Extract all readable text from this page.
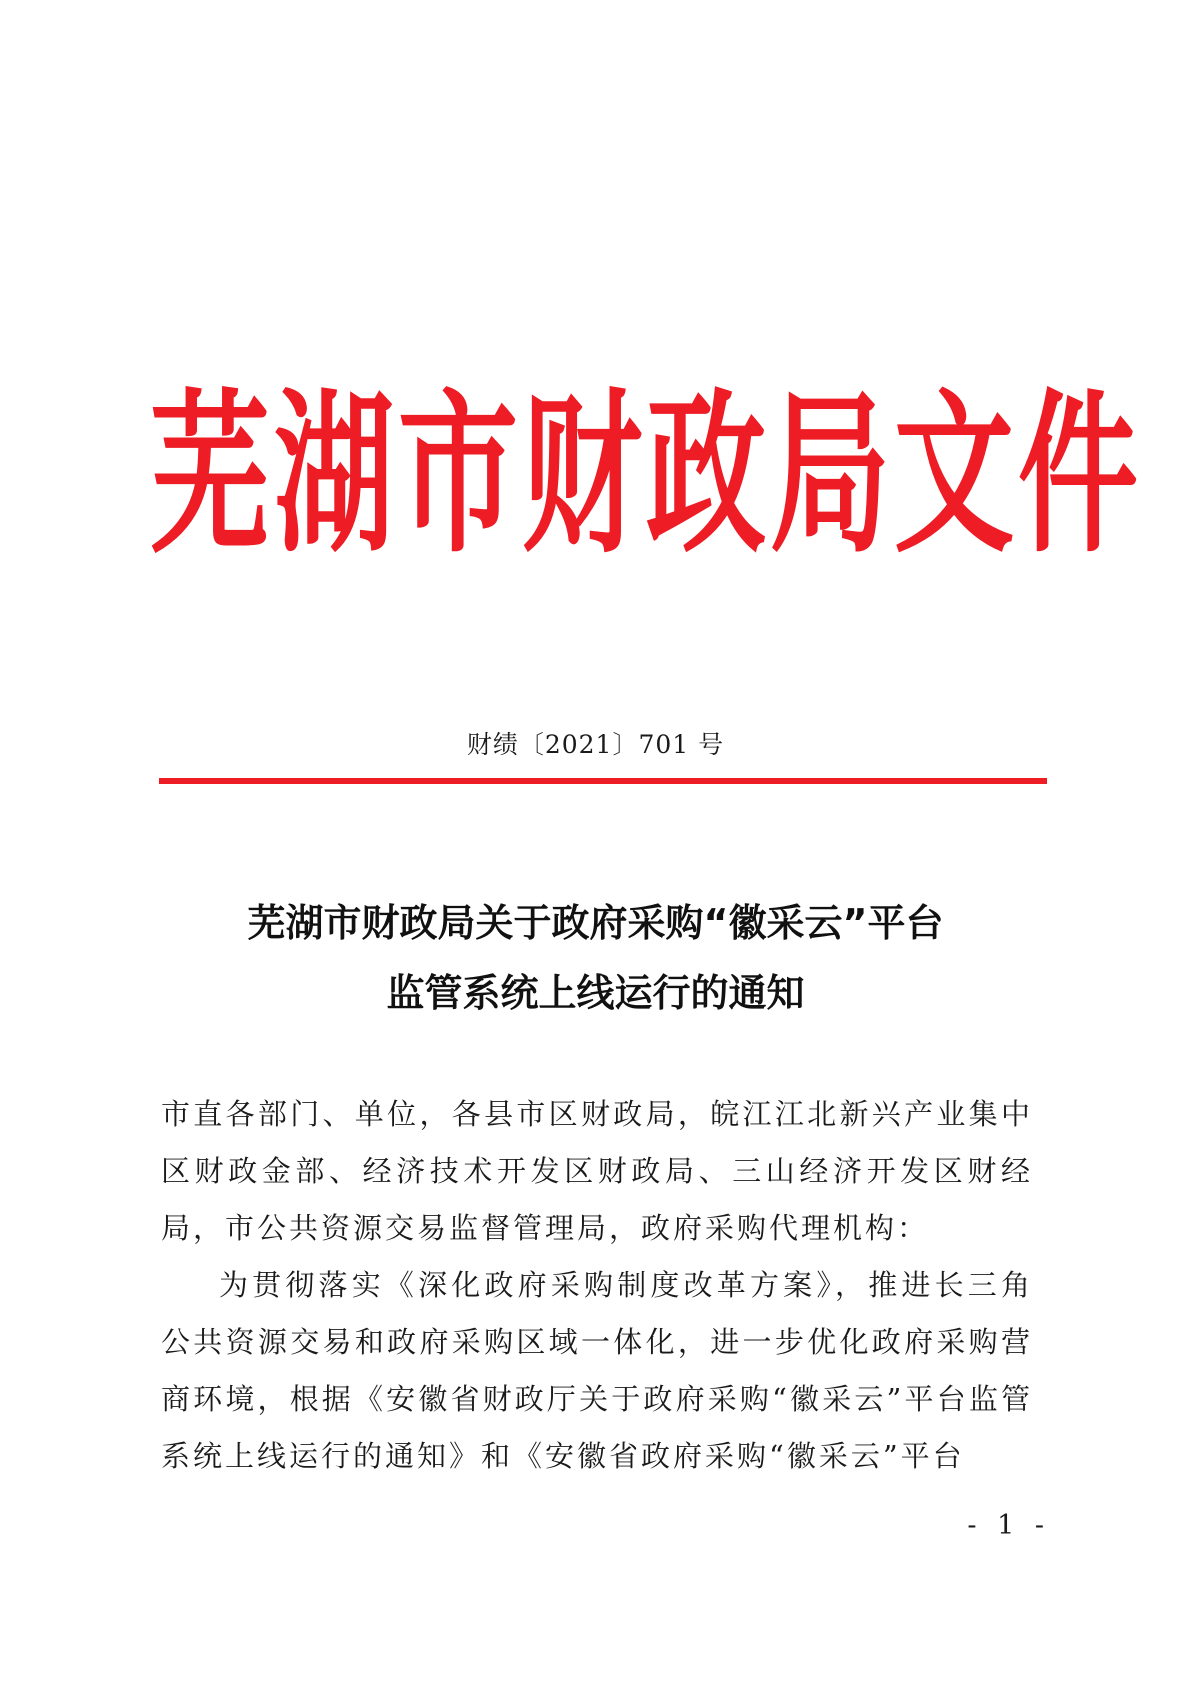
芜湖市财政局文件
财绩〔2021〕701 号
芜湖市财政局关于政府采购“徽采云”平台
监管系统上线运行的通知

市直各部门、单位，各县市区财政局，皖江江北新兴产业集中区财政金部、经济技术开发区财政局、三山经济开发区财经局，市公共资源交易监督管理局，政府采购代理机构：

为贯彻落实《深化政府采购制度改革方案》，推进长三角公共资源交易和政府采购区域一体化，进一步优化政府采购营商环境，根据《安徽省财政厅关于政府采购“徽采云”平台监管系统上线运行的通知》和《安徽省政府采购“徽采云”平台

- 1 -
